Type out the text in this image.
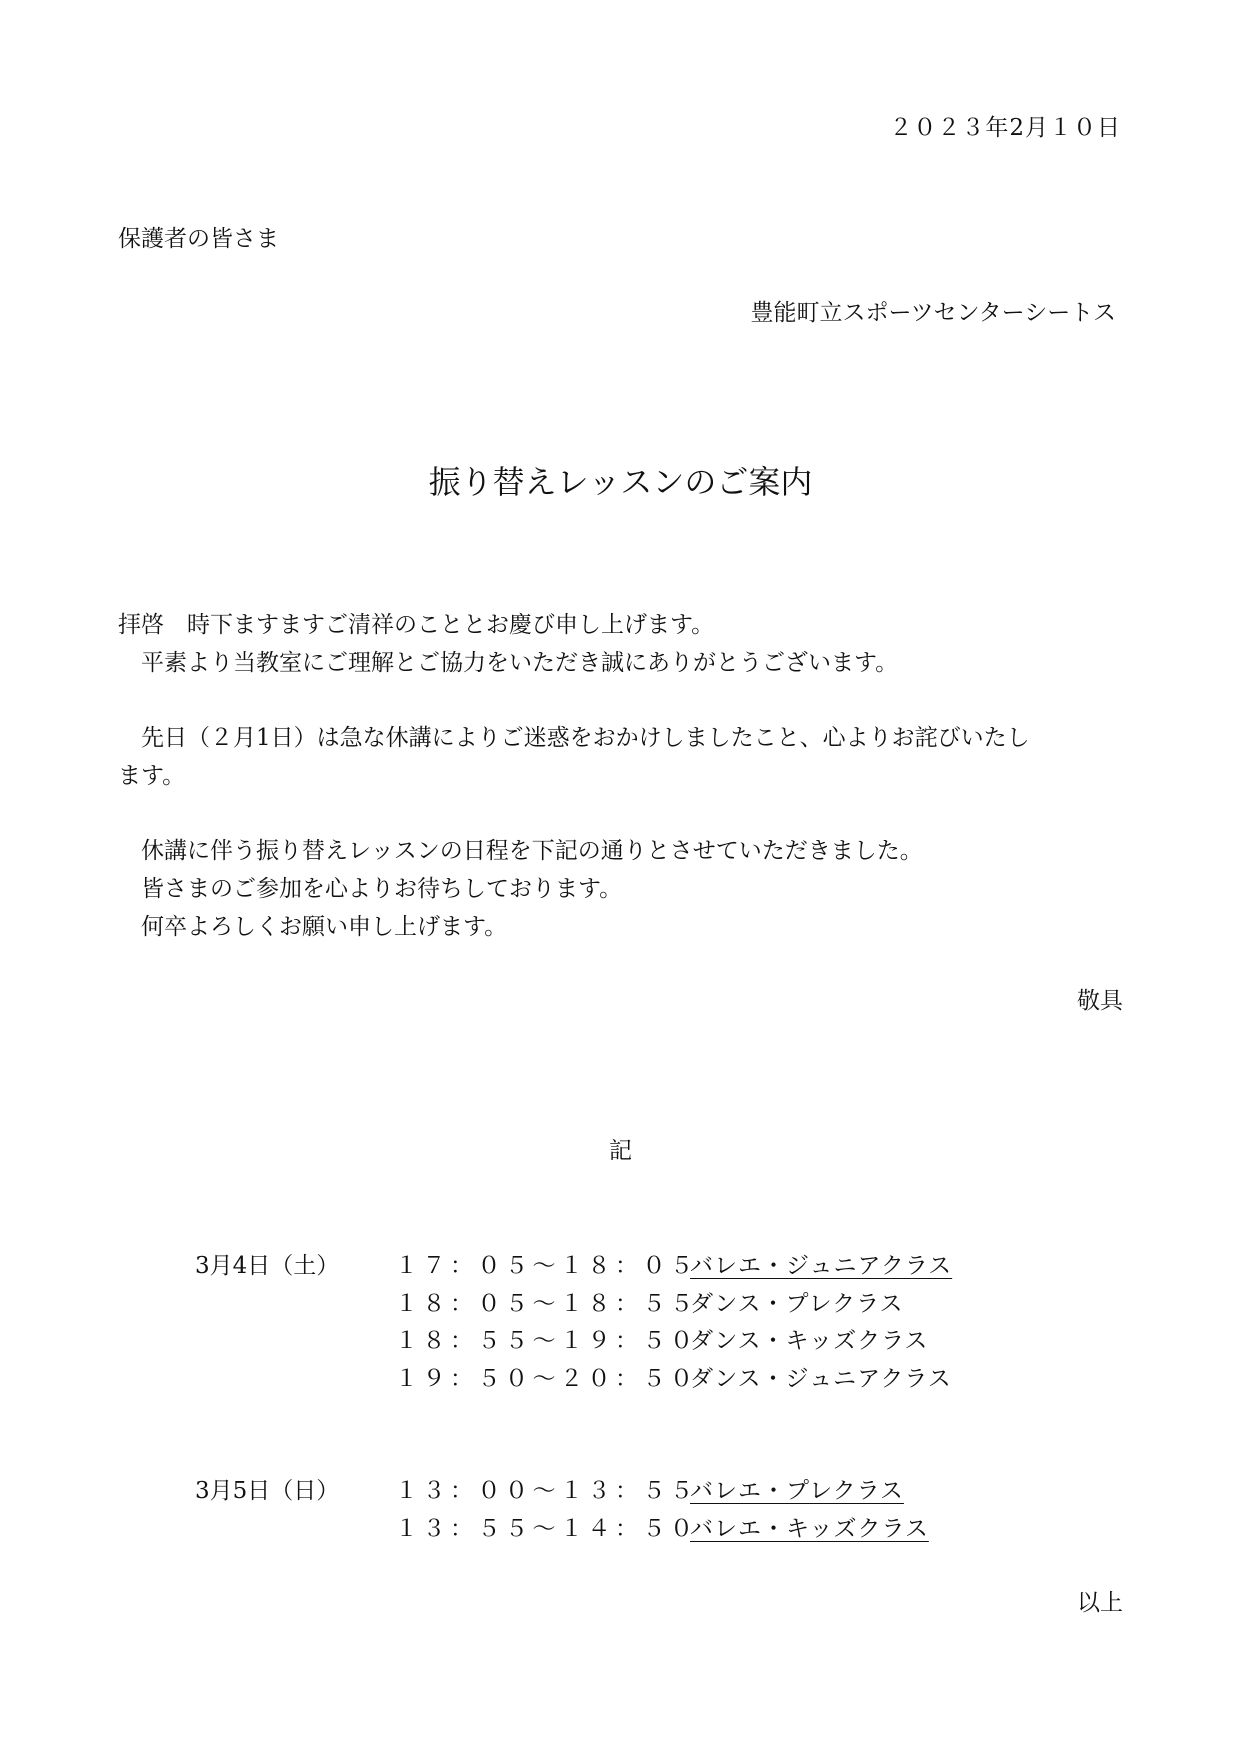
２０２３年2月１０日
保護者の皆さま
豊能町立スポーツセンターシートス
振り替えレッスンのご案内
拝啓　時下ますますご清祥のこととお慶び申し上げます。
　平素より当教室にご理解とご協力をいただき誠にありがとうございます。
　先日（２月1日）は急な休講によりご迷惑をおかけしましたこと、心よりお詫びいたし
ます。
　休講に伴う振り替えレッスンの日程を下記の通りとさせていただきました。
　皆さまのご参加を心よりお待ちしております。
　何卒よろしくお願い申し上げます。
敬具
記
3月4日（土） １７：０５〜１８：０５
バレエ・ジュニアクラス
１８：０５〜１８：５５
ダンス・プレクラス
１８：５５〜１９：５０
ダンス・キッズクラス
１９：５０〜２０：５０
ダンス・ジュニアクラス
3月5日（日） １３：００〜１３：５５
バレエ・プレクラス
１３：５５〜１４：５０
バレエ・キッズクラス
以上
